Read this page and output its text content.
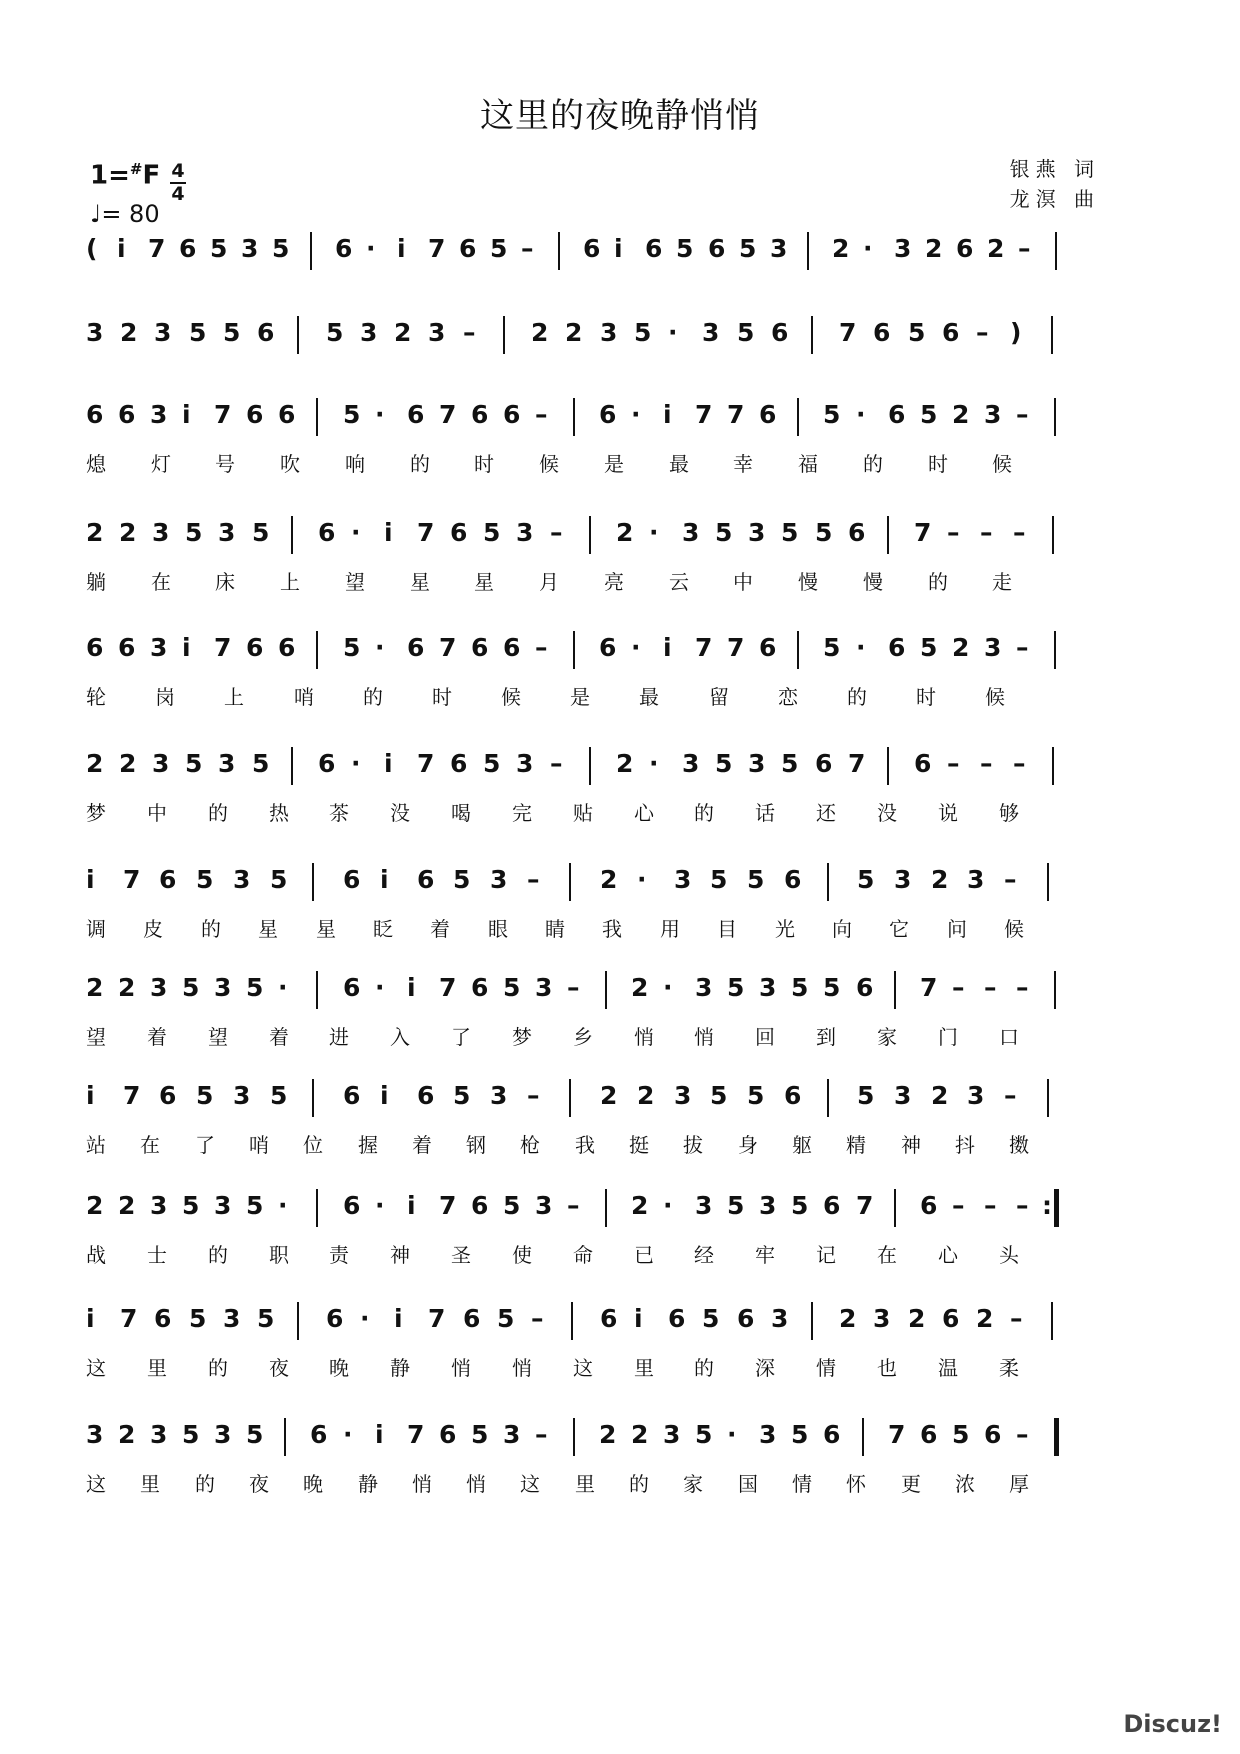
这里的夜晚静悄悄
1=#F 4
4
♩= 80
银燕 词
龙溟 曲
( i 7 6 5 3 5 6 · i 7 6 5 – 6 i 6 5 6 5 3 2 · 3 2 6 2 –
3 2 3 5 5 6 5 3 2 3 – 2 2 3 5 · 3 5 6 7 6 5 6 – )
6 6 3 i 7 6 6 5 · 6 7 6 6 – 6 · i 7 7 6 5 · 6 5 2 3 –
熄 灯 号 吹 响 的 时 候 是 最 幸 福 的 时 候
2 2 3 5 3 5 6 · i 7 6 5 3 – 2 · 3 5 3 5 5 6 7 – – –
躺 在 床 上 望 星 星 月 亮 云 中 慢 慢 的 走
6 6 3 i 7 6 6 5 · 6 7 6 6 – 6 · i 7 7 6 5 · 6 5 2 3 –
轮 岗 上	哨 的 时 候 是 最	留 恋 的 时 候
2 2 3 5 3 5 6 · i 7 6 5 3 – 2 · 3 5 3 5 6 7 6 – – –
梦 中 的 热 茶 没 喝 完 贴 心 的 话 还 没 说 够
i 7 6 5 3 5 6 i 6 5 3 – 2 · 3 5 5 6 5 3 2 3 –
调 皮 的 星 星 眨 着 眼 睛 我 用 目 光 向 它 问 候
2 2 3 5 3 5 · 6 · i 7 6 5 3 – 2 · 3 5 3 5 5 6 7 – – –
望 着 望 着 进 入 了 梦 乡 悄 悄 回 到 家 门 口
i 7 6 5 3 5 6 i 6 5 3 – 2 2 3 5 5 6 5 3 2 3 –
站 在 了 哨 位 握 着 钢 枪 我 挺 拔 身 躯 精 神 抖 擞
2 2 3 5 3 5 · 6 · i 7 6 5 3 – 2 · 3 5 3 5 6 7 6 – – – :
战 士 的 职 责 神 圣 使 命 已 经 牢 记 在 心 头
i 7 6 5 3 5 6 · i 7 6 5 – 6 i 6 5 6 3 2 3 2 6 2 –
这 里 的 夜 晚 静 悄 悄 这 里 的 深 情 也 温 柔
3 2 3 5 3 5 6 · i 7 6 5 3 – 2 2 3 5 · 3 5 6 7 6 5 6 –
这 里 的 夜 晚 静 悄 悄 这 里 的 家 国 情 怀 更 浓 厚
Discuz!
